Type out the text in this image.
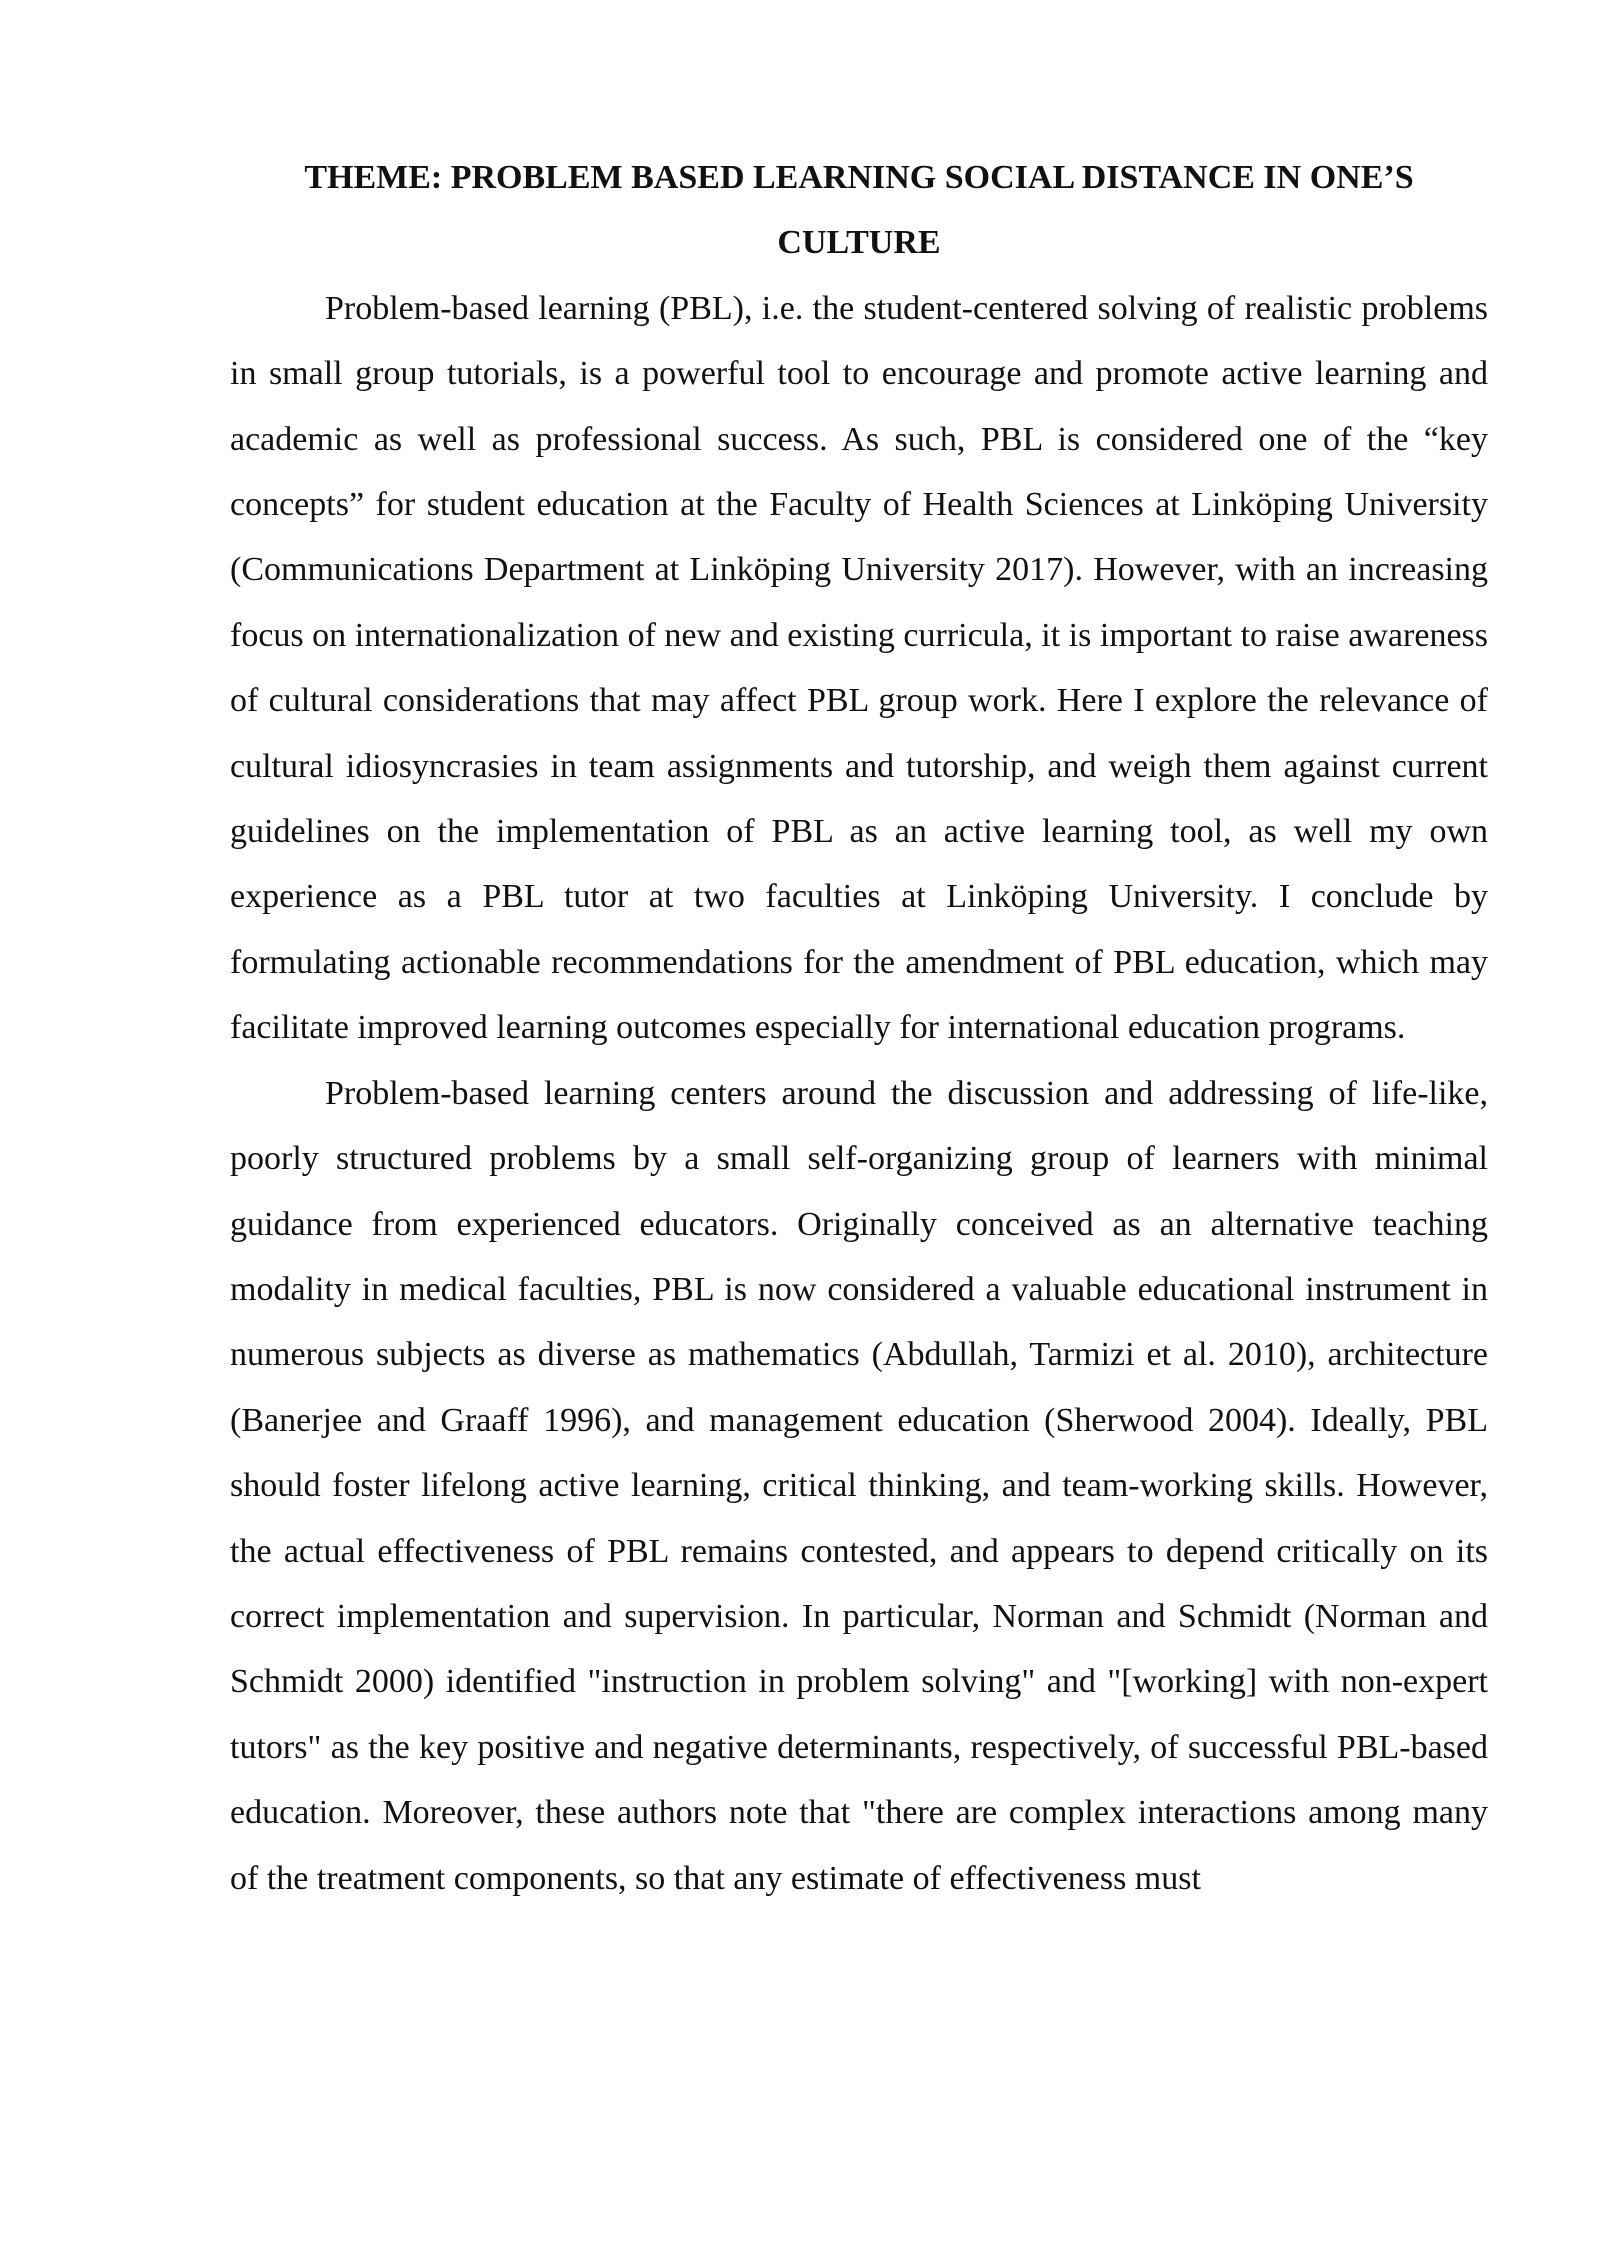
THEME: PROBLEM BASED LEARNING SOCIAL DISTANCE IN ONE’S CULTURE

Problem-based learning (PBL), i.e. the student-centered solving of realistic problems in small group tutorials, is a powerful tool to encourage and promote active learning and academic as well as professional success. As such, PBL is considered one of the “key concepts” for student education at the Faculty of Health Sciences at Linköping University (Communications Department at Linköping University 2017). However, with an increasing focus on internationalization of new and existing curricula, it is important to raise awareness of cultural considerations that may affect PBL group work. Here I explore the relevance of cultural idiosyncrasies in team assignments and tutorship, and weigh them against current guidelines on the implementation of PBL as an active learning tool, as well my own experience as a PBL tutor at two faculties at Linköping University. I conclude by formulating actionable recommendations for the amendment of PBL education, which may facilitate improved learning outcomes especially for international education programs.

Problem-based learning centers around the discussion and addressing of life-like, poorly structured problems by a small self-organizing group of learners with minimal guidance from experienced educators. Originally conceived as an alternative teaching modality in medical faculties, PBL is now considered a valuable educational instrument in numerous subjects as diverse as mathematics (Abdullah, Tarmizi et al. 2010), architecture (Banerjee and Graaff 1996), and management education (Sherwood 2004). Ideally, PBL should foster lifelong active learning, critical thinking, and team-working skills. However, the actual effectiveness of PBL remains contested, and appears to depend critically on its correct implementation and supervision. In particular, Norman and Schmidt (Norman and Schmidt 2000) identified "instruction in problem solving" and "[working] with non-expert tutors" as the key positive and negative determinants, respectively, of successful PBL-based education. Moreover, these authors note that "there are complex interactions among many of the treatment components, so that any estimate of effectiveness must
